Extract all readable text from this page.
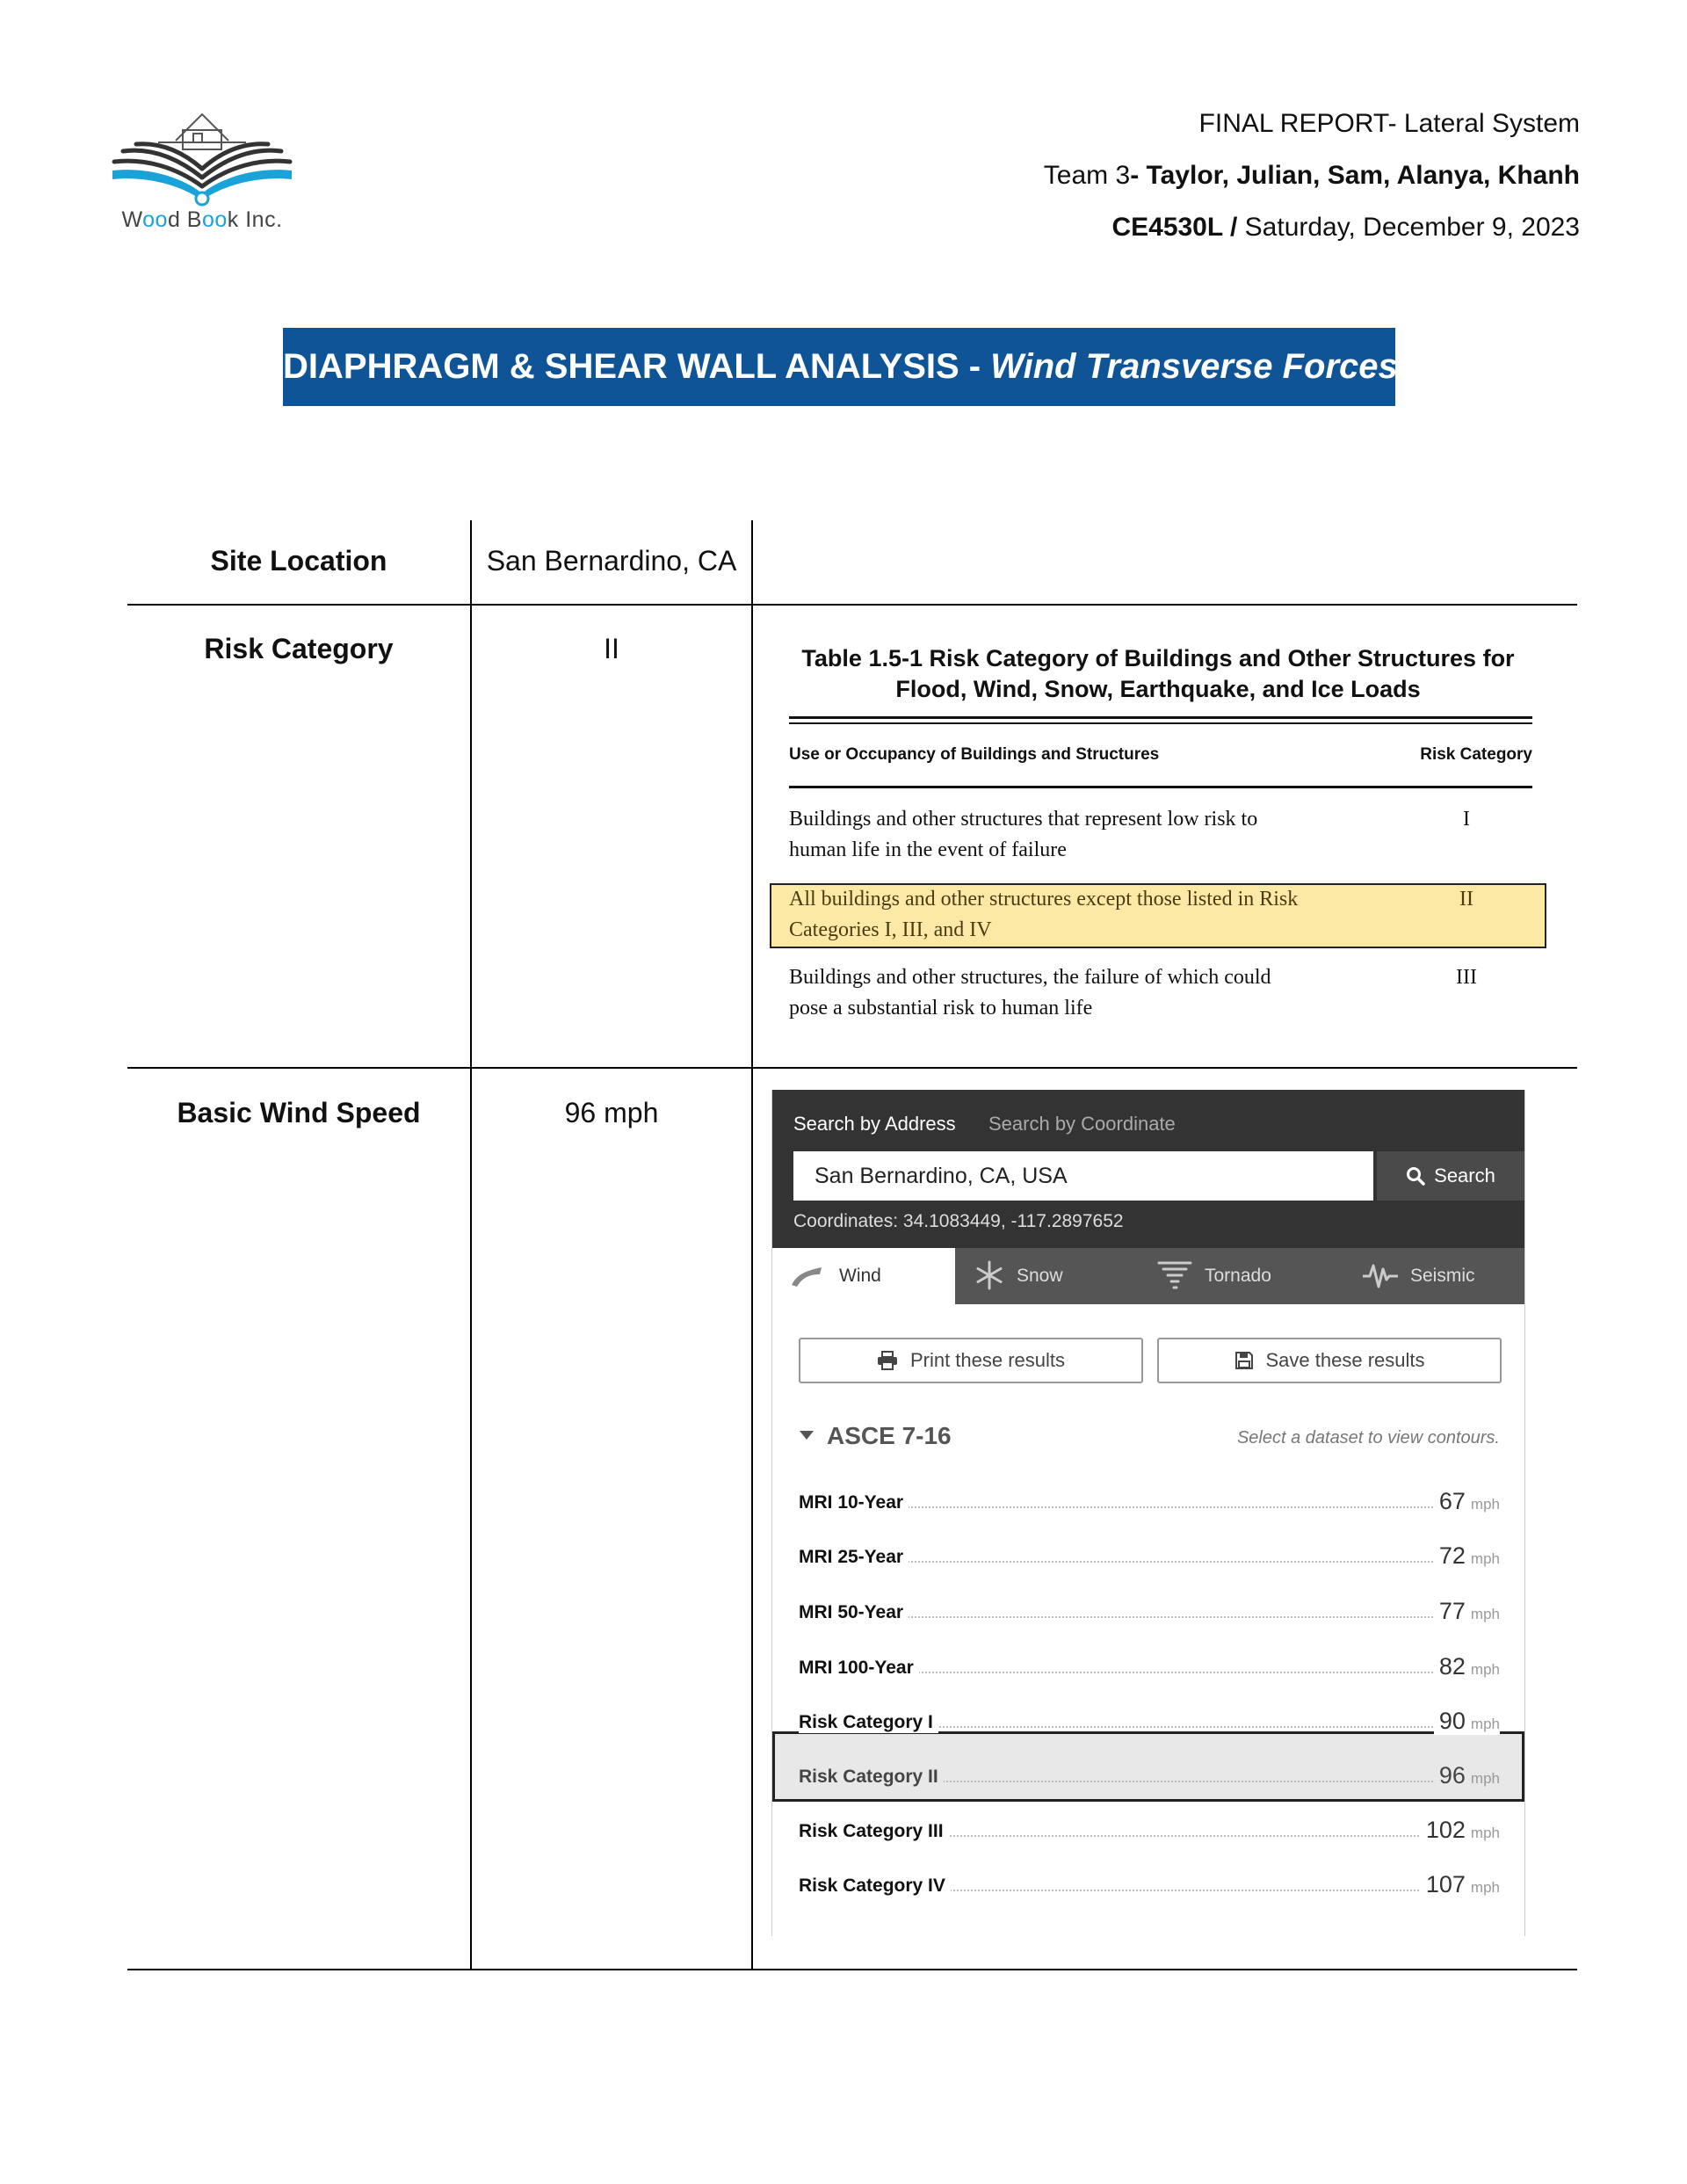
Wood Book Inc.
FINAL REPORT- Lateral System
Team 3- Taylor, Julian, Sam, Alanya, Khanh
CE4530L / Saturday, December 9, 2023
DIAPHRAGM & SHEAR WALL ANALYSIS - Wind Transverse Forces
Site Location	San Bernardino, CA
Risk Category	II
Basic Wind Speed	96 mph
Table 1.5-1 Risk Category of Buildings and Other Structures for
Flood, Wind, Snow, Earthquake, and Ice Loads
Use or Occupancy of Buildings and Structures	Risk Category
Buildings and other structures that represent low risk to
human life in the event of failure
I
All buildings and other structures except those listed in Risk
Categories I, III, and IV
II
Buildings and other structures, the failure of which could
pose a substantial risk to human life
III
Search by Address Search by Coordinate
San Bernardino, CA, USA	Search
Coordinates: 34.1083449, -117.2897652
Wind	Snow	Tornado	Seismic
Print these results	Save these results
ASCE 7-16	Select a dataset to view contours.
MRI 10-Year	67 mph
MRI 25-Year	72 mph
MRI 50-Year	77 mph
MRI 100-Year	82 mph
Risk Category I	90 mph
Risk Category II	96 mph
Risk Category III	102 mph
Risk Category IV	107 mph
